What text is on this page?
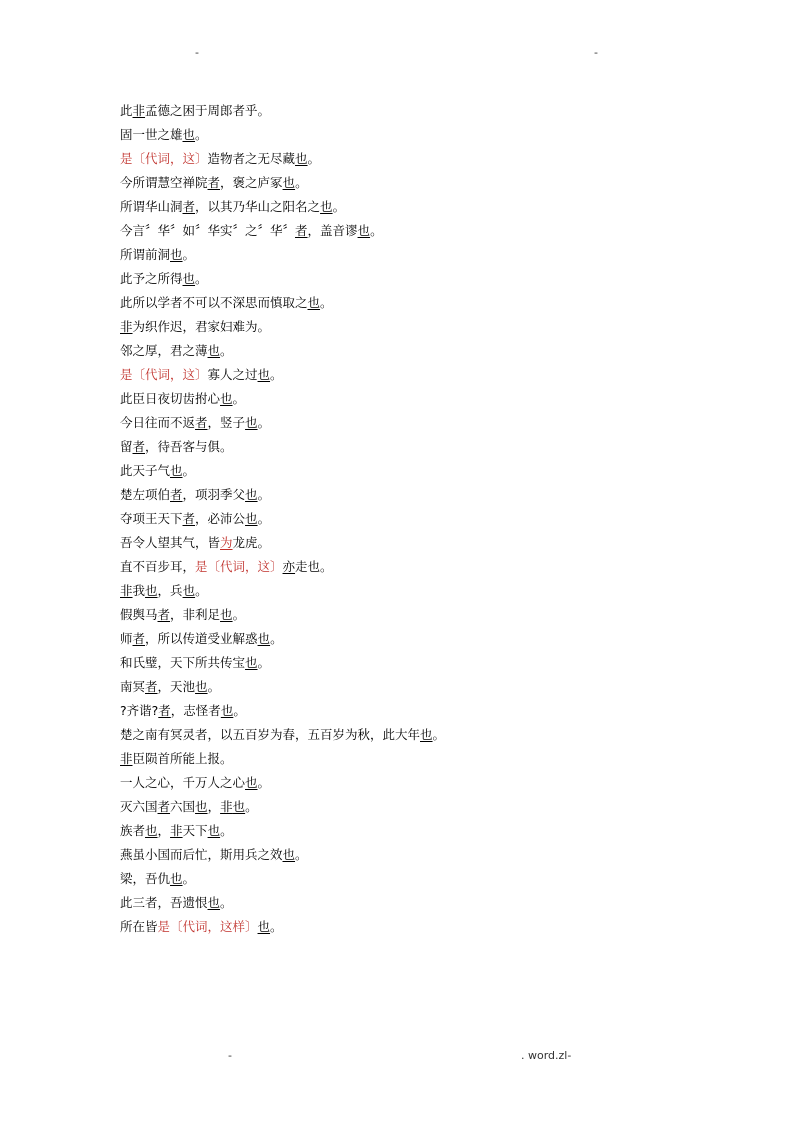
-	-
此非孟德之困于周郎者乎。
固一世之雄也。
是〔代词，这〕造物者之无尽藏也。
今所谓慧空禅院者，褒之庐冢也。
所谓华山洞者，以其乃华山之阳名之也。
今言〞华〞如〞华实〞之〞华〞者，盖音谬也。
所谓前洞也。
此予之所得也。
此所以学者不可以不深思而慎取之也。
非为织作迟，君家妇难为。
邻之厚，君之薄也。
是〔代词，这〕寡人之过也。
此臣日夜切齿拊心也。
今日往而不返者，竖子也。
留者，待吾客与俱。
此天子气也。
楚左项伯者，项羽季父也。
夺项王天下者，必沛公也。
吾令人望其气，皆为龙虎。
直不百步耳，是〔代词，这〕亦走也。
非我也，兵也。
假舆马者，非利足也。
师者，所以传道受业解惑也。
和氏璧，天下所共传宝也。
南冥者，天池也。
?齐谐?者，志怪者也。
楚之南有冥灵者，以五百岁为春，五百岁为秋，此大年也。
非臣陨首所能上报。
一人之心，千万人之心也。
灭六国者六国也，非也。
族者也，非天下也。
燕虽小国而后忙，斯用兵之效也。
梁，吾仇也。
此三者，吾遗恨也。
所在皆是〔代词，这样〕也。
-	. word.zl-
